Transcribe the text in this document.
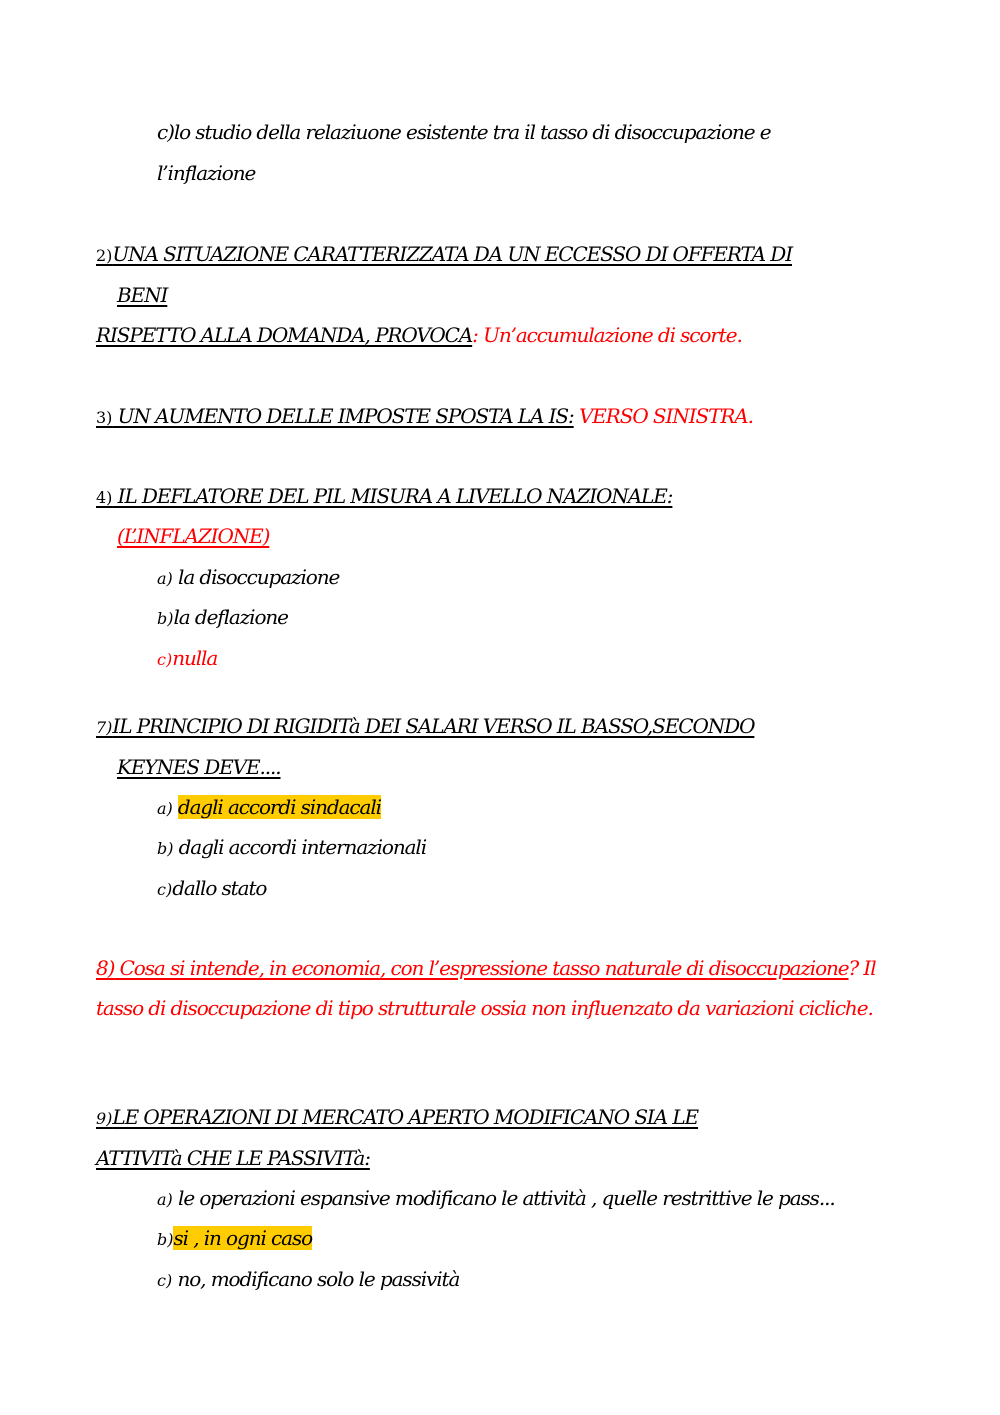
c)lo studio della relaziuone esistente tra il tasso di disoccupazione e
l’inflazione
2)UNA SITUAZIONE CARATTERIZZATA DA UN ECCESSO DI OFFERTA DI
BENI
RISPETTO ALLA DOMANDA, PROVOCA: Un’accumulazione di scorte.
3) UN AUMENTO DELLE IMPOSTE SPOSTA LA IS: VERSO SINISTRA.
4) IL DEFLATORE DEL PIL MISURA A LIVELLO NAZIONALE:
(L’INFLAZIONE)
a) la disoccupazione
b)la deflazione
c)nulla
7)IL PRINCIPIO DI RIGIDITà DEI SALARI VERSO IL BASSO,SECONDO
KEYNES DEVE....
a) dagli accordi sindacali
b) dagli accordi internazionali
c)dallo stato
8) Cosa si intende, in economia, con l’espressione tasso naturale di disoccupazione? Il
tasso di disoccupazione di tipo strutturale ossia non influenzato da variazioni cicliche.
9)LE OPERAZIONI DI MERCATO APERTO MODIFICANO SIA LE
ATTIVITà CHE LE PASSIVITà:
a) le operazioni espansive modificano le attività , quelle restrittive le pass...
b)si , in ogni caso
c) no, modificano solo le passività
